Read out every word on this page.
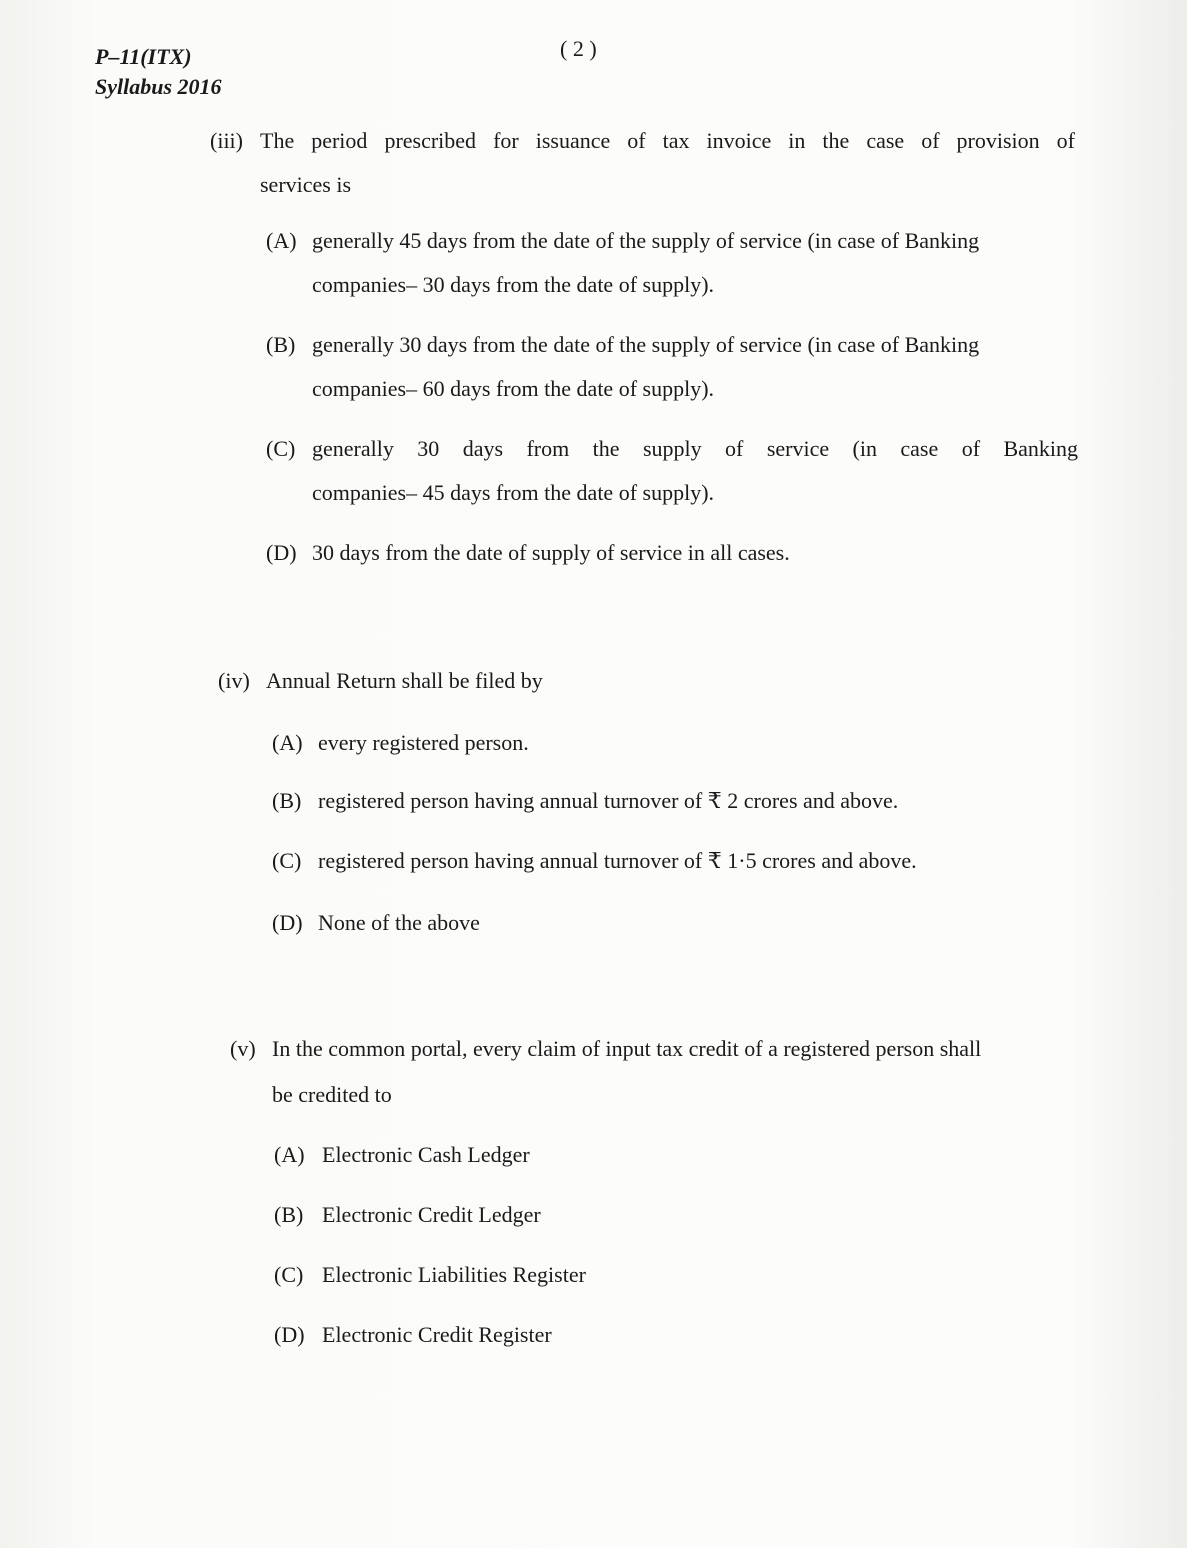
P–11(ITX)
Syllabus 2016
( 2 )
(iii) The period prescribed for issuance of tax invoice in the case of provision of
services is
(A) generally 45 days from the date of the supply of service (in case of Banking
companies– 30 days from the date of supply).
(B) generally 30 days from the date of the supply of service (in case of Banking
companies– 60 days from the date of supply).
(C) generally 30 days from the supply of service (in case of Banking
companies– 45 days from the date of supply).
(D) 30 days from the date of supply of service in all cases.
(iv) Annual Return shall be filed by
(A) every registered person.
(B) registered person having annual turnover of ₹ 2 crores and above.
(C) registered person having annual turnover of ₹ 1·5 crores and above.
(D) None of the above
(v) In the common portal, every claim of input tax credit of a registered person shall
be credited to
(A) Electronic Cash Ledger
(B) Electronic Credit Ledger
(C) Electronic Liabilities Register
(D) Electronic Credit Register
